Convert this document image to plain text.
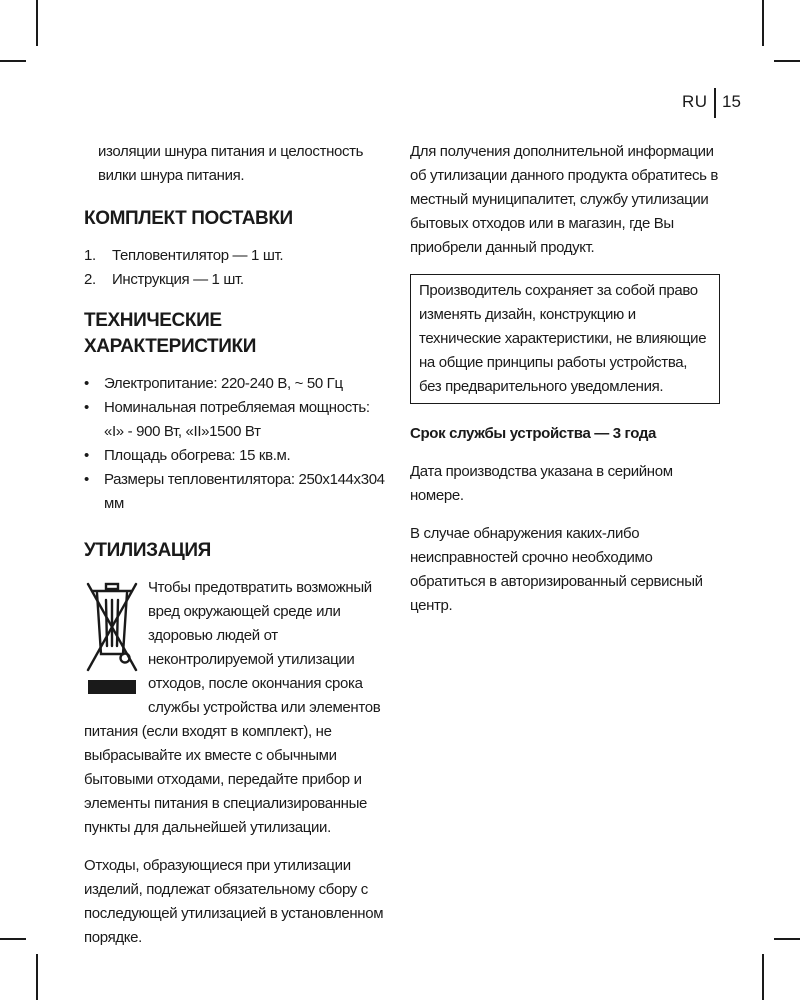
RU 15

изоляции шнура питания и целостность вилки шнура питания.

КОМПЛЕКТ ПОСТАВКИ
1. Тепловентилятор — 1 шт.
2. Инструкция — 1 шт.
ТЕХНИЧЕСКИЕ ХАРАКТЕРИСТИКИ
• Электропитание: 220-240 В, ~ 50 Гц
• Номинальная потребляемая мощность: «I» - 900 Вт, «II»1500 Вт
• Площадь обогрева: 15 кв.м.
• Размеры тепловентилятора: 250х144х304 мм
УТИЛИЗАЦИЯ
Чтобы предотвратить возможный вред окружающей среде или здоровью людей от неконтролируемой утилизации отходов, после окончания срока службы устройства или элементов питания (если входят в комплект), не выбрасывайте их вместе с обычными бытовыми отходами, передайте прибор и элементы питания в специализированные пункты для дальнейшей утилизации.

Отходы, образующиеся при утилизации изделий, подлежат обязательному сбору с последующей утилизацией в установленном порядке.

Для получения дополнительной информации об утилизации данного продукта обратитесь в местный муниципалитет, службу утилизации бытовых отходов или в магазин, где Вы приобрели данный продукт.

Производитель сохраняет за собой право изменять дизайн, конструкцию и технические характеристики, не влияющие на общие принципы работы устройства, без предварительного уведомления.

Срок службы устройства — 3 года

Дата производства указана в серийном номере.

В случае обнаружения каких-либо неисправностей срочно необходимо обратиться в авторизированный сервисный центр.
